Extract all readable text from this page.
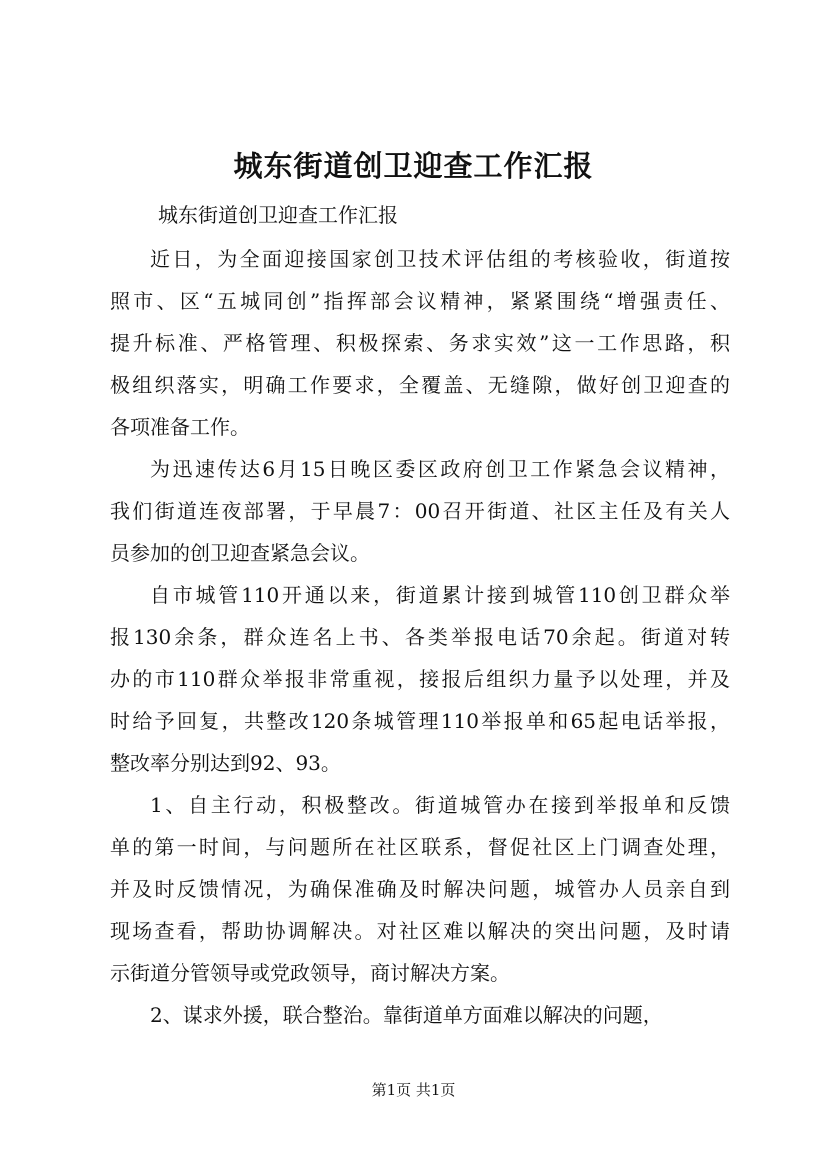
城东街道创卫迎查工作汇报

城东街道创卫迎查工作汇报

近日，为全面迎接国家创卫技术评估组的考核验收，街道按
照市、区“五城同创”指挥部会议精神，紧紧围绕“增强责任、
提升标准、严格管理、积极探索、务求实效”这一工作思路，积
极组织落实，明确工作要求，全覆盖、无缝隙，做好创卫迎查的
各项准备工作。
为迅速传达6月15日晚区委区政府创卫工作紧急会议精神，
我们街道连夜部署，于早晨7：00召开街道、社区主任及有关人
员参加的创卫迎查紧急会议。
自市城管110开通以来，街道累计接到城管110创卫群众举
报130余条，群众连名上书、各类举报电话70余起。街道对转
办的市110群众举报非常重视，接报后组织力量予以处理，并及
时给予回复，共整改120条城管理110举报单和65起电话举报，
整改率分别达到92、93。
1、自主行动，积极整改。街道城管办在接到举报单和反馈
单的第一时间，与问题所在社区联系，督促社区上门调查处理，
并及时反馈情况，为确保准确及时解决问题，城管办人员亲自到
现场查看，帮助协调解决。对社区难以解决的突出问题，及时请
示街道分管领导或党政领导，商讨解决方案。
2、谋求外援，联合整治。靠街道单方面难以解决的问题，

第1页 共1页
